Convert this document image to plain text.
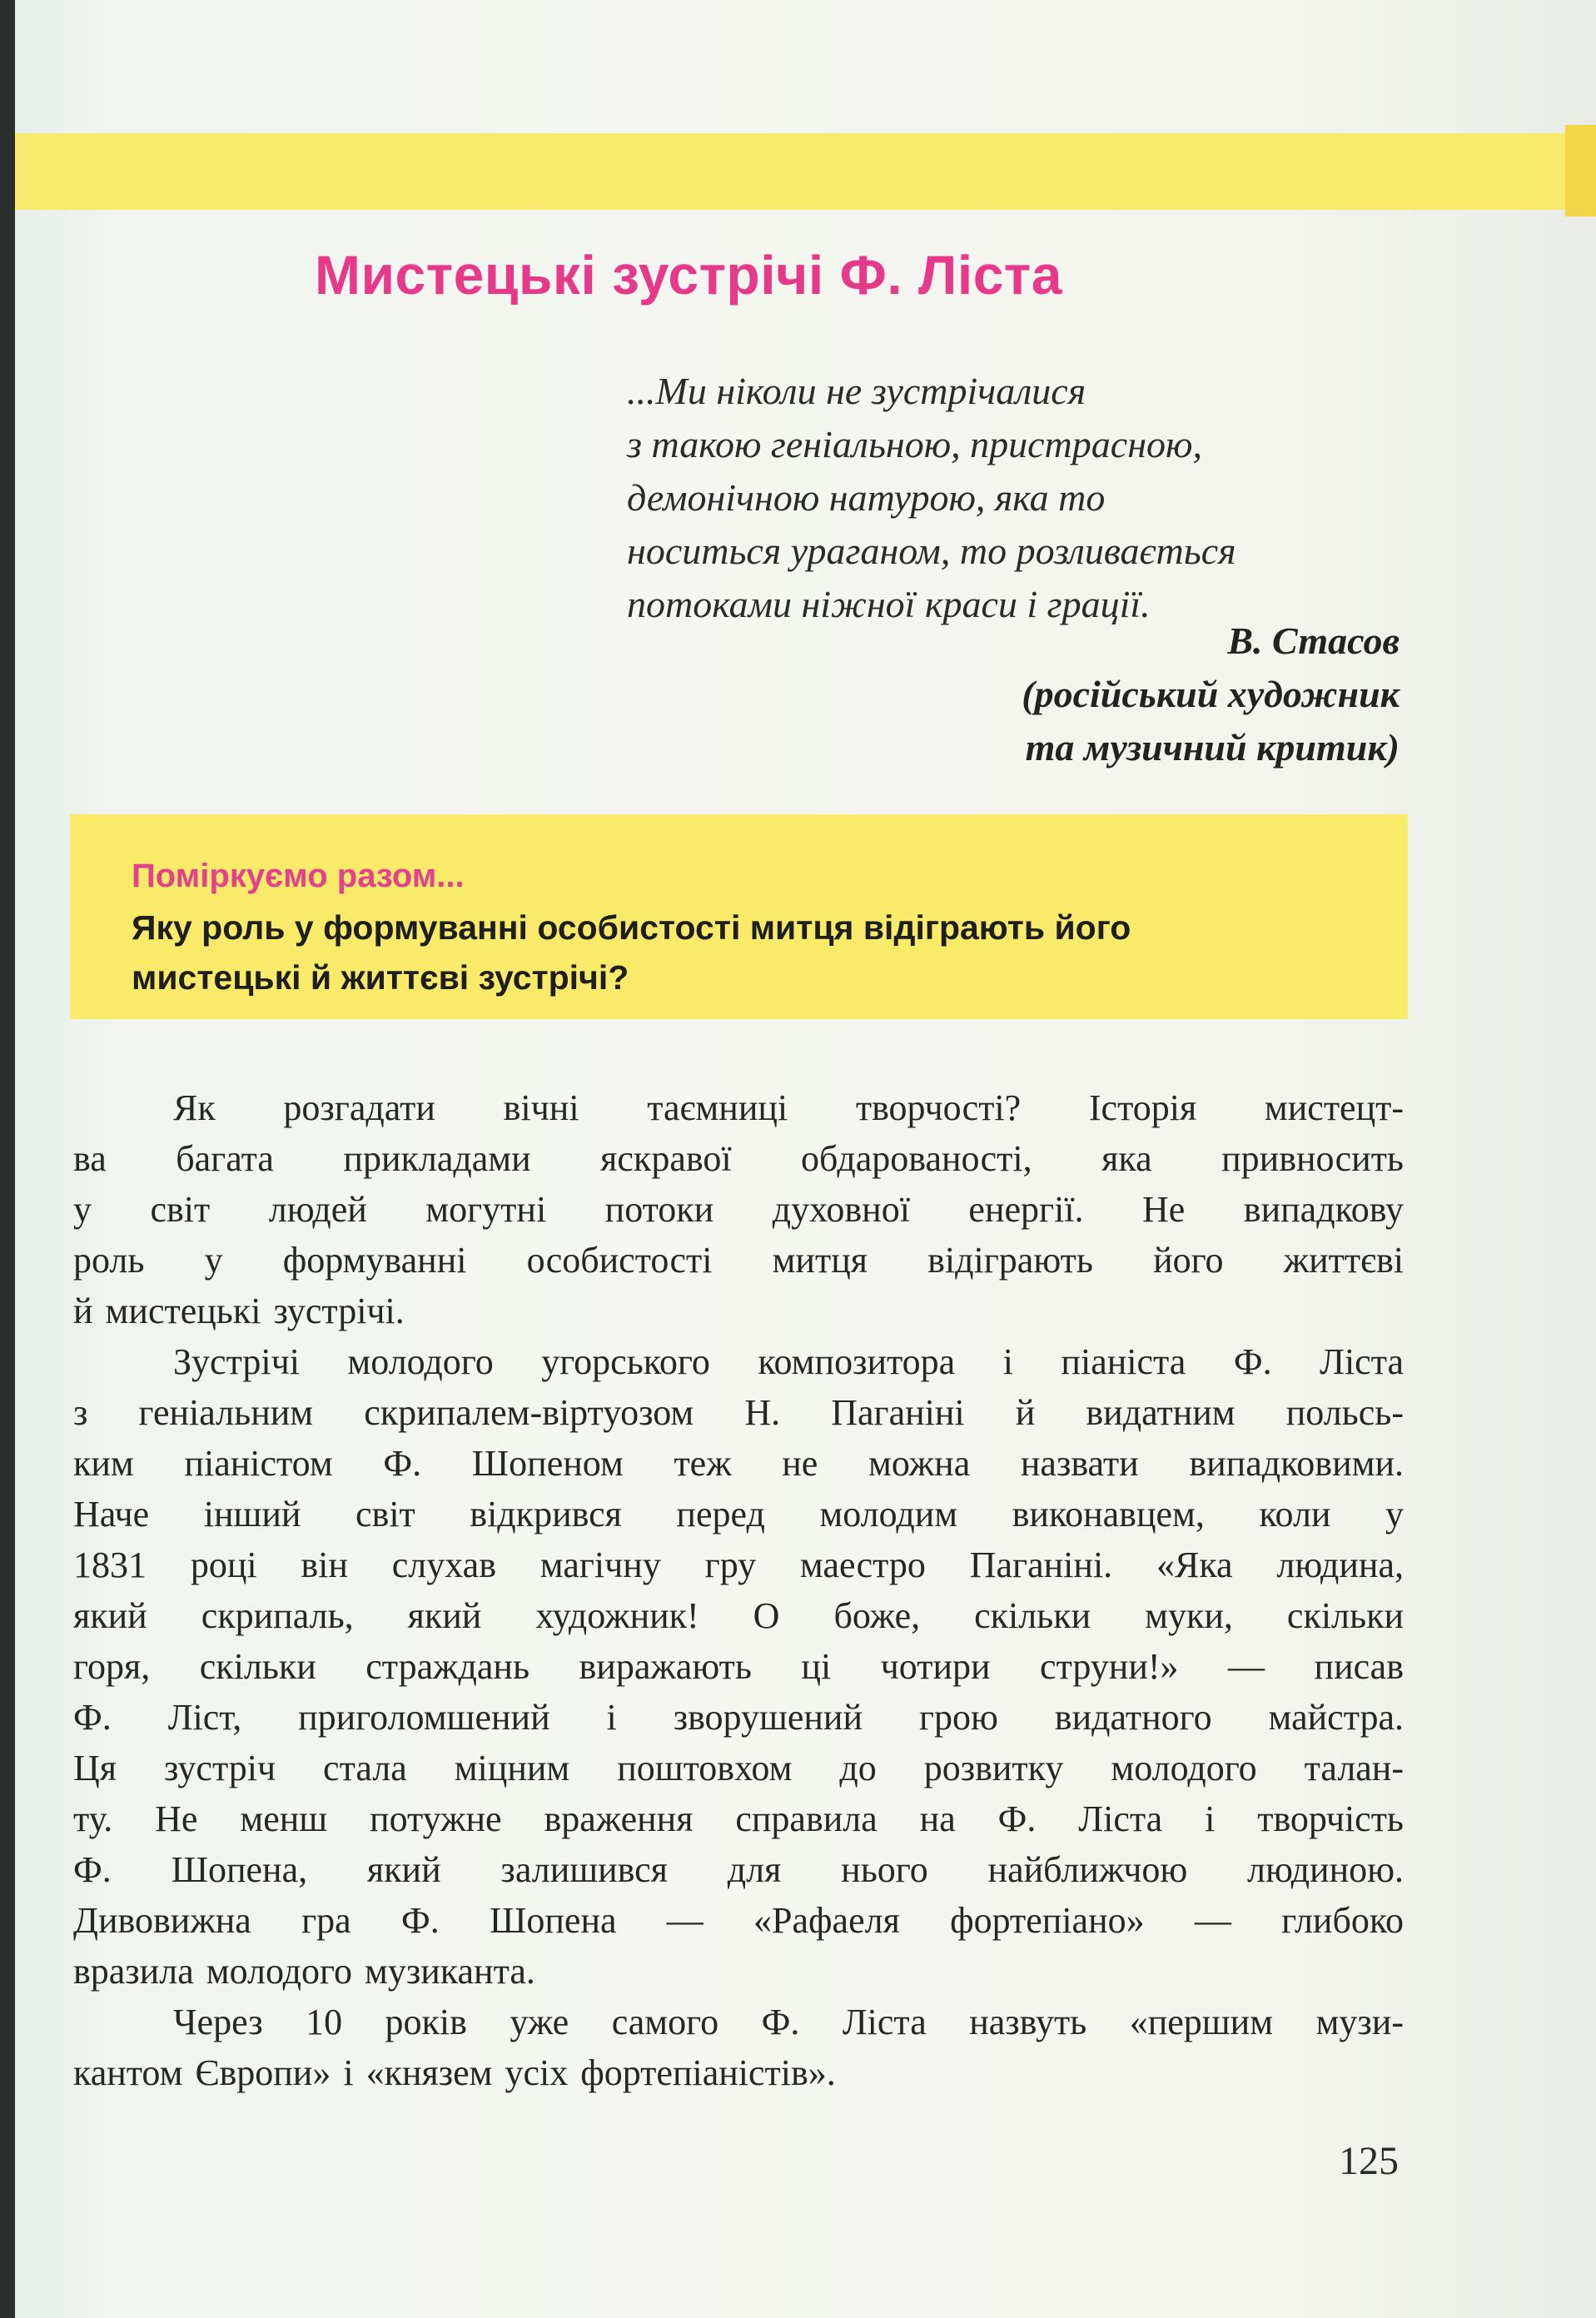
Мистецькі зустрічі Ф. Ліста
...Ми ніколи не зустрічалися
з такою геніальною, пристрасною,
демонічною натурою, яка то
носиться ураганом, то розливається
потоками ніжної краси і грації.
В. Стасов
(російський художник
та музичний критик)
Поміркуємо разом...
Яку роль у формуванні особистості митця відіграють його
мистецькі й життєві зустрічі?

Як розгадати вічні таємниці творчості? Історія мистецт-
ва багата прикладами яскравої обдарованості, яка привносить
у світ людей могутні потоки духовної енергії. Не випадкову
роль у формуванні особистості митця відіграють його життєві
й мистецькі зустрічі.

Зустрічі молодого угорського композитора і піаніста Ф. Ліста
з геніальним скрипалем-віртуозом Н. Паганіні й видатним польсь-
ким піаністом Ф. Шопеном теж не можна назвати випадковими.
Наче інший світ відкрився перед молодим виконавцем, коли у
1831 році він слухав магічну гру маестро Паганіні. «Яка людина,
який скрипаль, який художник! О боже, скільки муки, скільки
горя, скільки страждань виражають ці чотири струни!» — писав
Ф. Ліст, приголомшений і зворушений грою видатного майстра.
Ця зустріч стала міцним поштовхом до розвитку молодого талан-
ту. Не менш потужне враження справила на Ф. Ліста і творчість
Ф. Шопена, який залишився для нього найближчою людиною.
Дивовижна гра Ф. Шопена — «Рафаеля фортепіано» — глибоко
вразила молодого музиканта.

Через 10 років уже самого Ф. Ліста назвуть «першим музи-
кантом Європи» і «князем усіх фортепіаністів».

125
